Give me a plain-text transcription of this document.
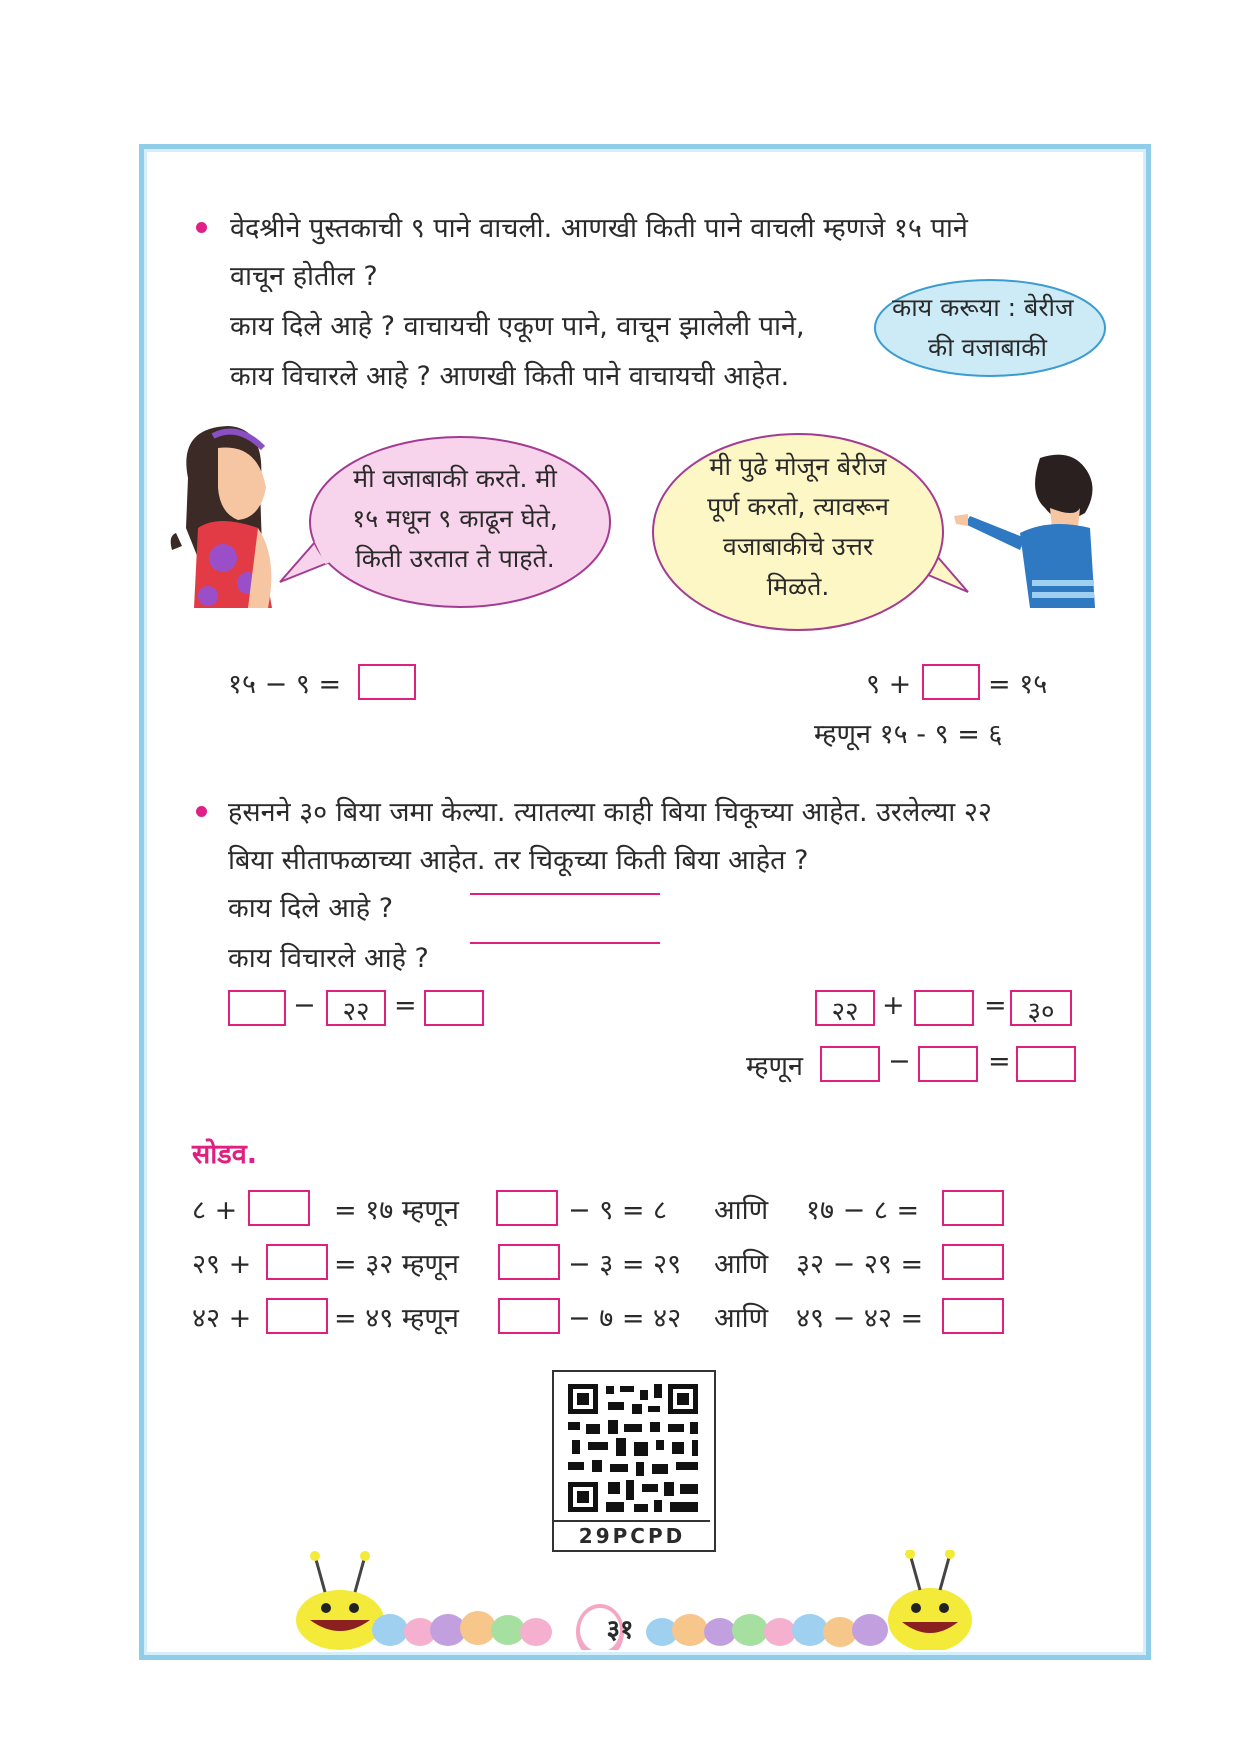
वेदश्रीने पुस्तकाची ९ पाने वाचली. आणखी किती पाने वाचली म्हणजे १५ पाने
वाचून होतील ?
काय दिले आहे ? वाचायची एकूण पाने, वाचून झालेली पाने,
काय विचारले आहे ? आणखी किती पाने वाचायची आहेत.
काय करूया : बेरीज
की वजाबाकी
मी वजाबाकी करते. मी
१५ मधून ९ काढून घेते,
किती उरतात ते पाहते.
मी पुढे मोजून बेरीज
पूर्ण करतो, त्यावरून
वजाबाकीचे उत्तर
मिळते.
१५ − ९ =	९ +	= १५
म्हणून १५ - ९ = ६
हसनने ३० बिया जमा केल्या. त्यातल्या काही बिया चिकूच्या आहेत. उरलेल्या २२
बिया सीताफळाच्या आहेत. तर चिकूच्या किती बिया आहेत ?
काय दिले आहे ?
काय विचारले आहे ?
−	२२ =	२२ +	= ३०
म्हणून	−	=
सोडव.
८ +	= १७ म्हणून	− ९ = ८ आणि १७ − ८ =
२९ +	= ३२ म्हणून	− ३ = २९ आणि ३२ − २९ =
४२ +	= ४९ म्हणून	− ७ = ४२ आणि ४९ − ४२ =
29PCPD
३१
